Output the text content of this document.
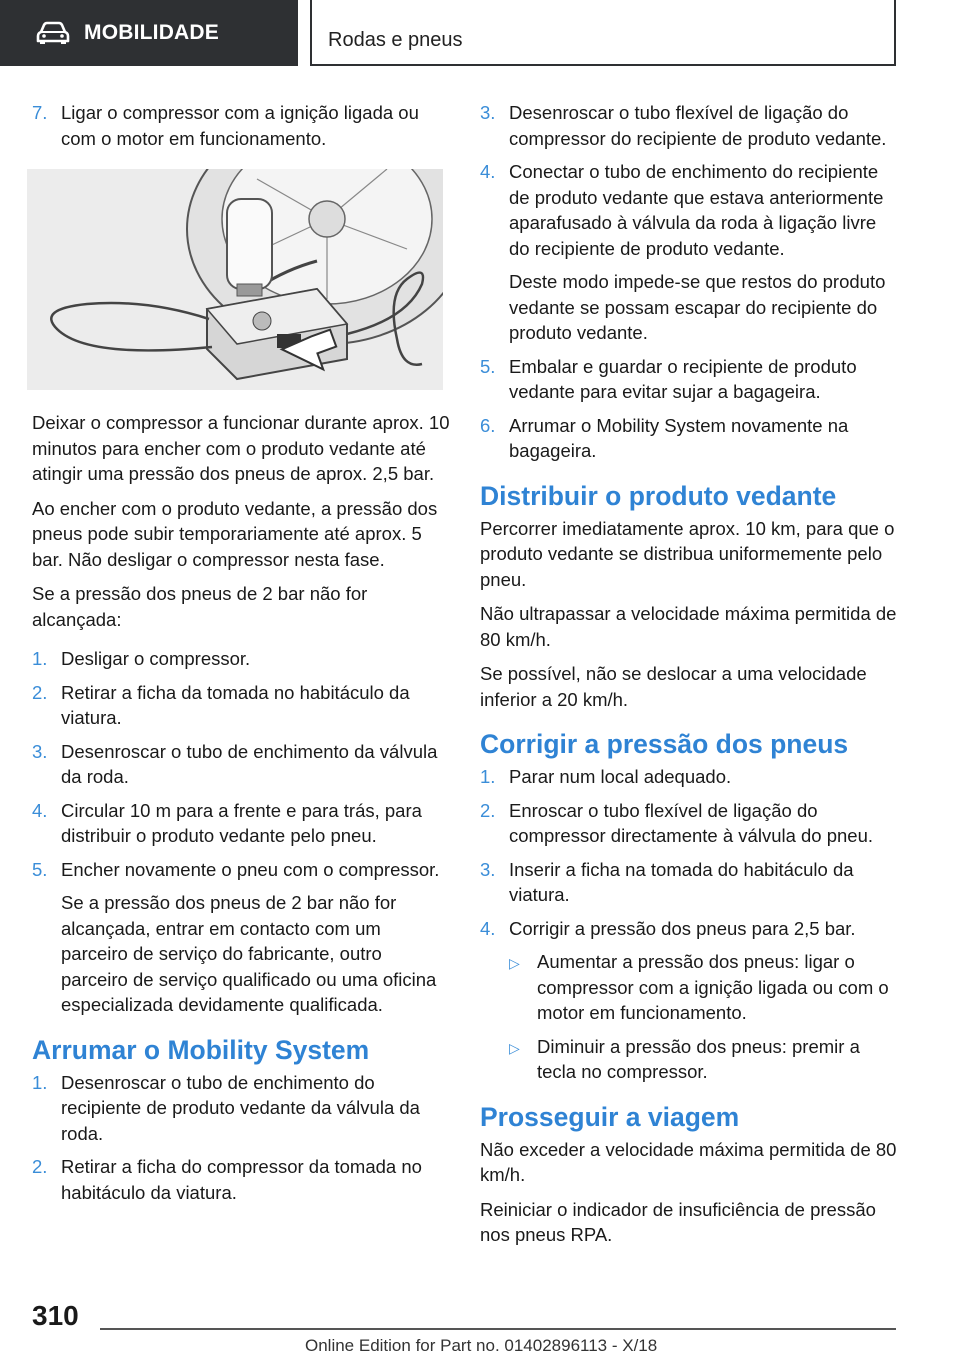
MOBILIDADE	Rodas e pneus
7. Ligar o compressor com a ignição ligada ou com o motor em funcionamento.

Deixar o compressor a funcionar durante aprox. 10 minutos para encher com o produto vedante até atingir uma pressão dos pneus de aprox. 2,5 bar.

Ao encher com o produto vedante, a pressão dos pneus pode subir temporariamente até aprox. 5 bar. Não desligar o compressor nesta fase.

Se a pressão dos pneus de 2 bar não for alcançada:

1. Desligar o compressor.
2. Retirar a ficha da tomada no habitáculo da viatura.
3. Desenroscar o tubo de enchimento da válvula da roda.
4. Circular 10 m para a frente e para trás, para distribuir o produto vedante pelo pneu.
5. Encher novamente o pneu com o compressor.
Se a pressão dos pneus de 2 bar não for alcançada, entrar em contacto com um parceiro de serviço do fabricante, outro parceiro de serviço qualificado ou uma oficina especializada devidamente qualificada.
Arrumar o Mobility System
1. Desenroscar o tubo de enchimento do recipiente de produto vedante da válvula da roda.
2. Retirar a ficha do compressor da tomada no habitáculo da viatura.
3. Desenroscar o tubo flexível de ligação do compressor do recipiente de produto vedante.
4. Conectar o tubo de enchimento do recipiente de produto vedante que estava anteriormente aparafusado à válvula da roda à ligação livre do recipiente de produto vedante.
Deste modo impede-se que restos do produto vedante se possam escapar do recipiente do produto vedante.
5. Embalar e guardar o recipiente de produto vedante para evitar sujar a bagageira.
6. Arrumar o Mobility System novamente na bagageira.
Distribuir o produto vedante

Percorrer imediatamente aprox. 10 km, para que o produto vedante se distribua uniformemente pelo pneu.

Não ultrapassar a velocidade máxima permitida de 80 km/h.

Se possível, não se deslocar a uma velocidade inferior a 20 km/h.

Corrigir a pressão dos pneus
1. Parar num local adequado.
2. Enroscar o tubo flexível de ligação do compressor directamente à válvula do pneu.
3. Inserir a ficha na tomada do habitáculo da viatura.
4. Corrigir a pressão dos pneus para 2,5 bar.
▷ Aumentar a pressão dos pneus: ligar o compressor com a ignição ligada ou com o motor em funcionamento.
▷ Diminuir a pressão dos pneus: premir a tecla no compressor.
Prosseguir a viagem

Não exceder a velocidade máxima permitida de 80 km/h.

Reiniciar o indicador de insuficiência de pressão nos pneus RPA.

310
Online Edition for Part no. 01402896113 - X/18
